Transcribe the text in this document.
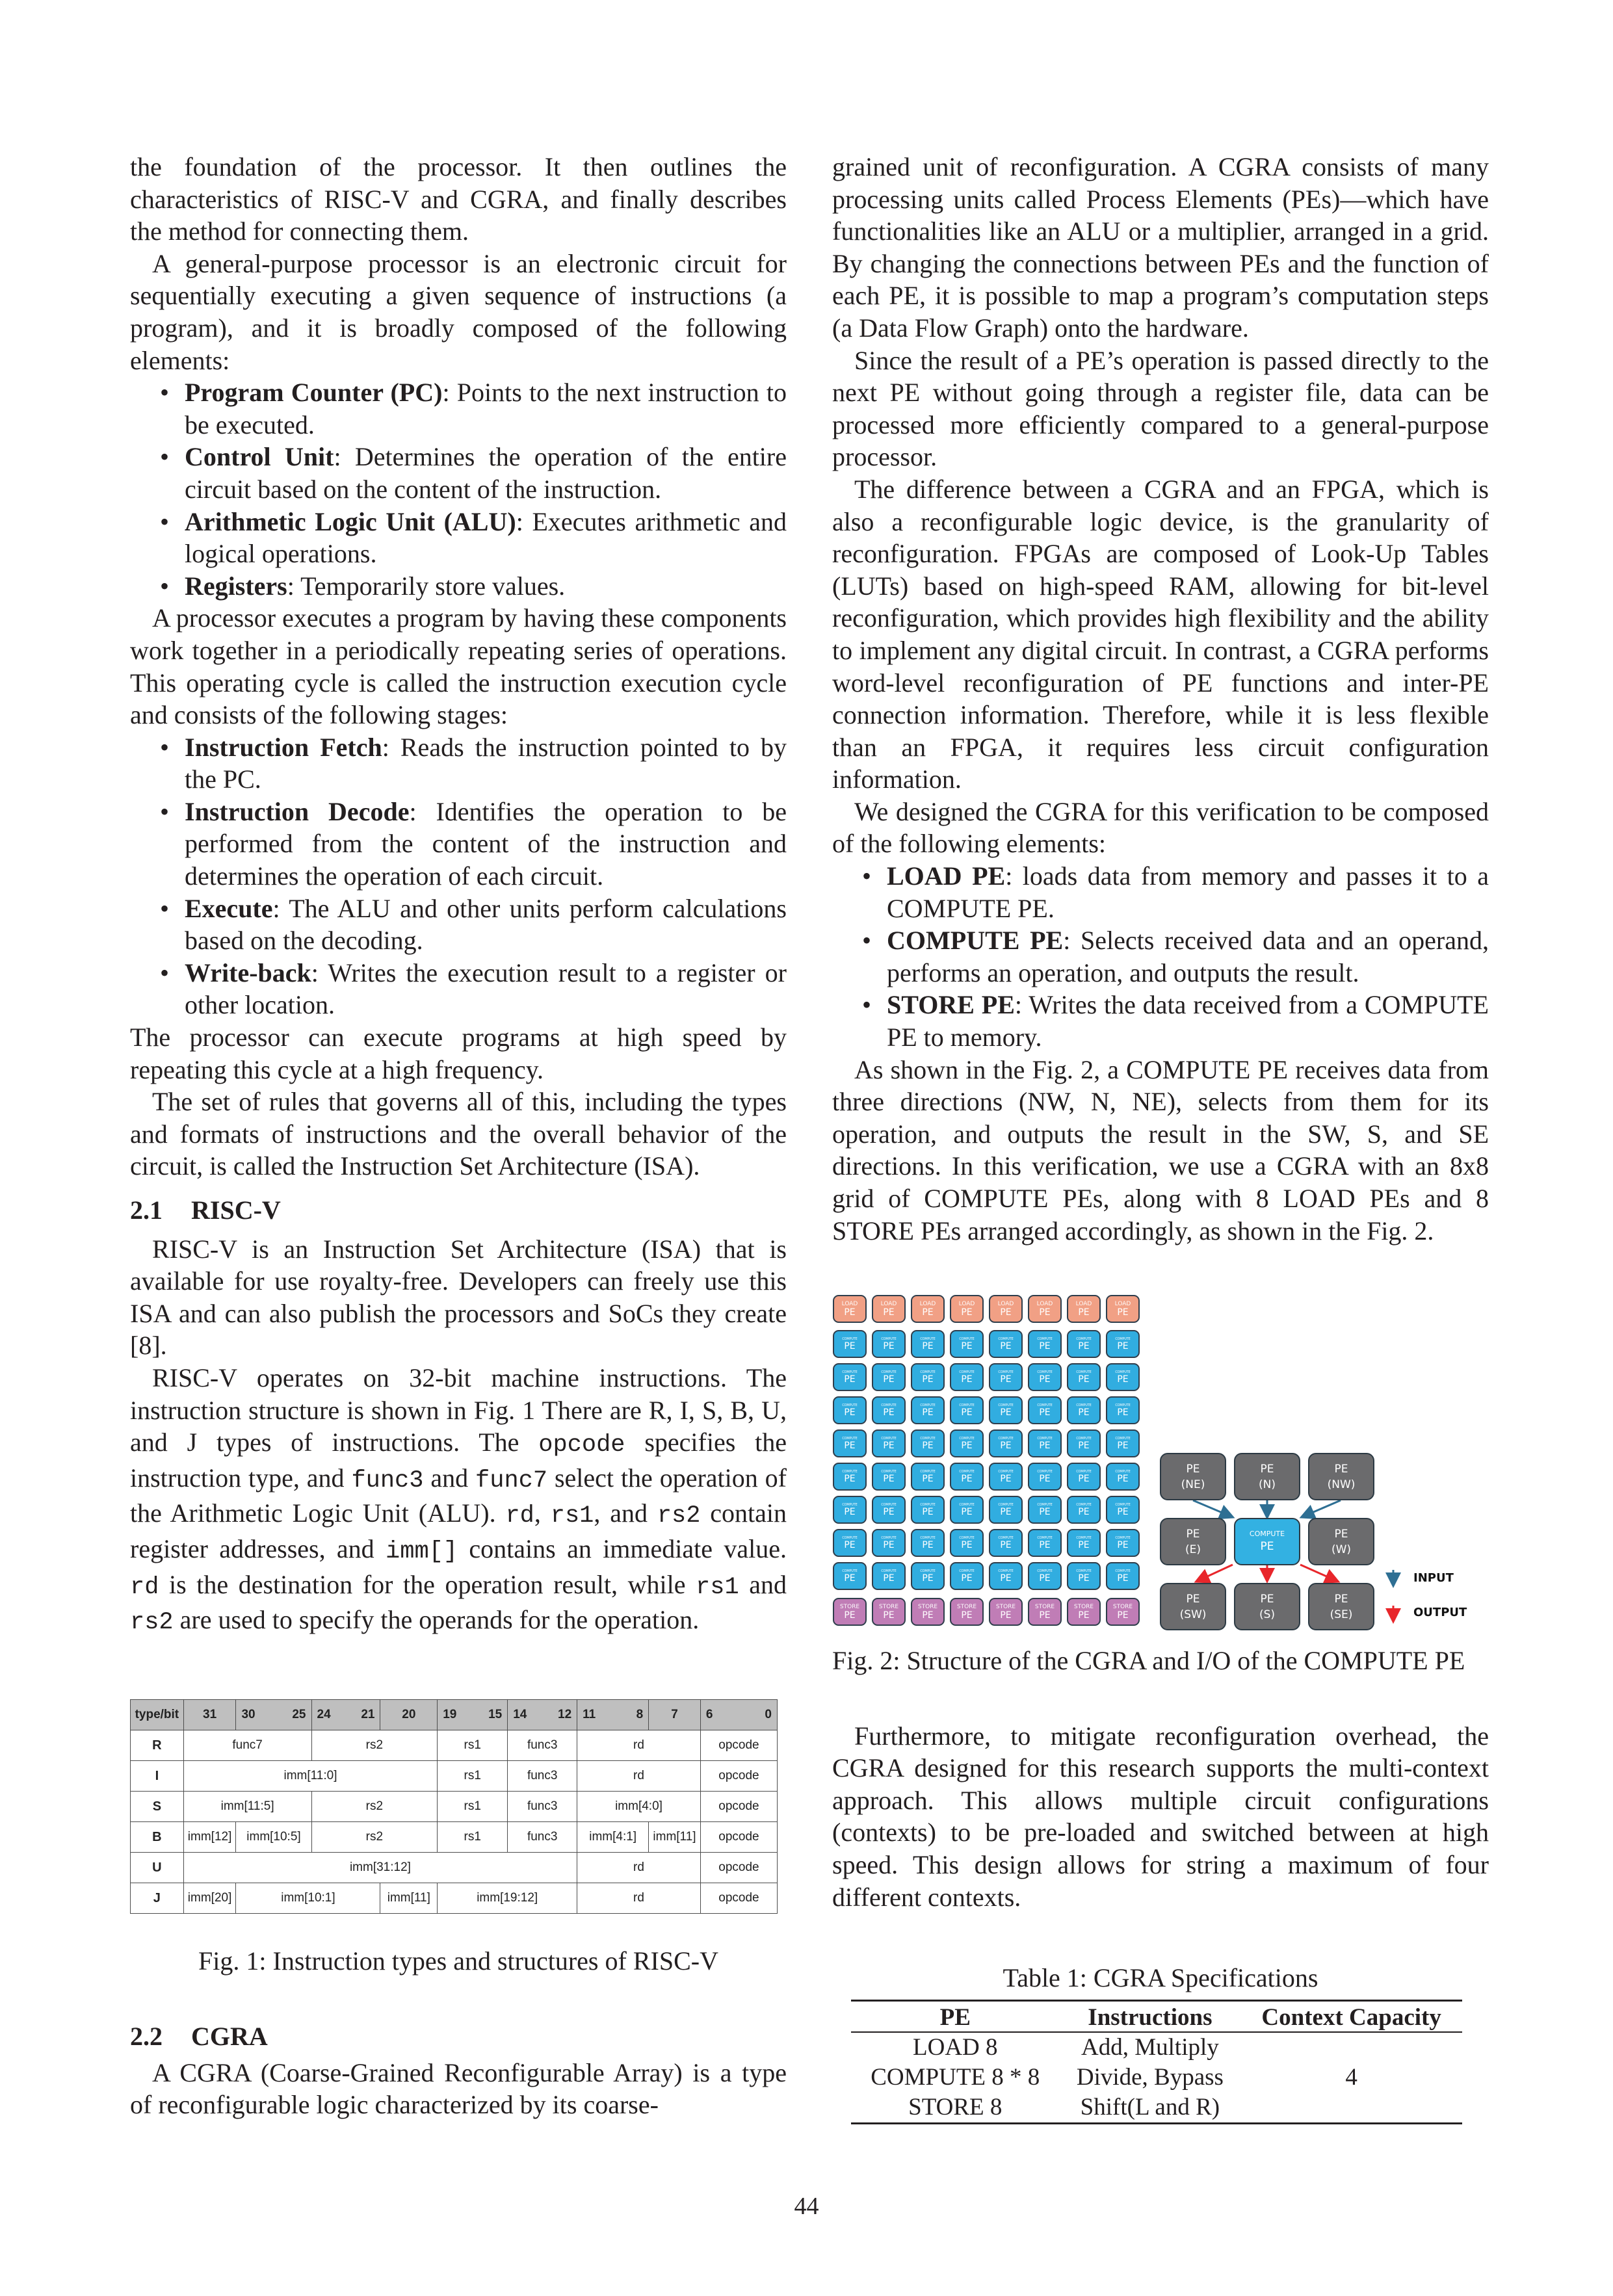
the foundation of the processor. It then outlines the characteristics of RISC-V and CGRA, and finally describes the method for connecting them.

A general-purpose processor is an electronic circuit for sequentially executing a given sequence of instructions (a program), and it is broadly composed of the following elements:

• Program Counter (PC): Points to the next instruction to be executed.
• Control Unit: Determines the operation of the entire circuit based on the content of the instruction.
• Arithmetic Logic Unit (ALU): Executes arithmetic and logical operations.
• Registers: Temporarily store values.

A processor executes a program by having these components work together in a periodically repeating series of operations. This operating cycle is called the instruction execution cycle and consists of the following stages:

• Instruction Fetch: Reads the instruction pointed to by the PC.
• Instruction Decode: Identifies the operation to be performed from the content of the instruction and determines the operation of each circuit.
• Execute: The ALU and other units perform calculations based on the decoding.
• Write-back: Writes the execution result to a register or other location.

The processor can execute programs at high speed by repeating this cycle at a high frequency.

The set of rules that governs all of this, including the types and formats of instructions and the overall behavior of the circuit, is called the Instruction Set Architecture (ISA).

2.1 RISC-V

RISC-V is an Instruction Set Architecture (ISA) that is available for use royalty-free. Developers can freely use this ISA and can also publish the processors and SoCs they create [8].

RISC-V operates on 32-bit machine instructions. The instruction structure is shown in Fig. 1 There are R, I, S, B, U, and J types of instructions. The opcode specifies the instruction type, and func3 and func7 select the operation of the Arithmetic Logic Unit (ALU). rd, rs1, and rs2 contain register addresses, and imm[] contains an immediate value. rd is the destination for the operation result, while rs1 and rs2 are used to specify the operands for the operation.

type/bit	31	30 25	24 21	20	19 15	14 12	11 8	7	6 0

R	func7		rs2		rs1	func3	rd		opcode
I	imm[11:0]				rs1	func3	rd		opcode
S	imm[11:5]		rs2		rs1	func3	imm[4:0]		opcode
B	imm[12]	imm[10:5]	rs2		rs1	func3	imm[4:1]	imm[11]	opcode
U	imm[31:12]						rd		opcode
J	imm[20]	imm[10:1]		imm[11]	imm[19:12]		rd		opcode
Fig. 1: Instruction types and structures of RISC-V
2.2 CGRA

A CGRA (Coarse-Grained Reconfigurable Array) is a type of reconfigurable logic characterized by its coarse-

grained unit of reconfiguration. A CGRA consists of many processing units called Process Elements (PEs)—which have functionalities like an ALU or a multiplier, arranged in a grid. By changing the connections between PEs and the function of each PE, it is possible to map a program’s computation steps (a Data Flow Graph) onto the hardware.

Since the result of a PE’s operation is passed directly to the next PE without going through a register file, data can be processed more efficiently compared to a general-purpose processor.

The difference between a CGRA and an FPGA, which is also a reconfigurable logic device, is the granularity of reconfiguration. FPGAs are composed of Look-Up Tables (LUTs) based on high-speed RAM, allowing for bit-level reconfiguration, which provides high flexibility and the ability to implement any digital circuit. In contrast, a CGRA performs word-level reconfiguration of PE functions and inter-PE connection information. Therefore, while it is less flexible than an FPGA, it requires less circuit configuration information.

We designed the CGRA for this verification to be composed of the following elements:

• LOAD PE: loads data from memory and passes it to a COMPUTE PE.
• COMPUTE PE: Selects received data and an operand, performs an operation, and outputs the result.
• STORE PE: Writes the data received from a COMPUTE PE to memory.

As shown in the Fig. 2, a COMPUTE PE receives data from three directions (NW, N, NE), selects from them for its operation, and outputs the result in the SW, S, and SE directions. In this verification, we use a CGRA with an 8x8 grid of COMPUTE PEs, along with 8 LOAD PEs and 8 STORE PEs arranged accordingly, as shown in the Fig. 2.

LOAD
PE
LOAD
PE
LOAD
PE
LOAD
PE
LOAD
PE
LOAD
PE
LOAD
PE
LOAD
PE
COMPUTE
PE
COMPUTE
PE
COMPUTE
PE
COMPUTE
PE
COMPUTE
PE
COMPUTE
PE
COMPUTE
PE
COMPUTE
PE
COMPUTE
PE
COMPUTE
PE
COMPUTE
PE
COMPUTE
PE
COMPUTE
PE
COMPUTE
PE
COMPUTE
PE
COMPUTE
PE
COMPUTE
PE
COMPUTE
PE
COMPUTE
PE
COMPUTE
PE
COMPUTE
PE
COMPUTE
PE
COMPUTE
PE
COMPUTE
PE
COMPUTE
PE
COMPUTE
PE
COMPUTE
PE
COMPUTE
PE
COMPUTE
PE
COMPUTE
PE
COMPUTE
PE
COMPUTE
PE
COMPUTE
PE
COMPUTE
PE
COMPUTE
PE
COMPUTE
PE
COMPUTE
PE
COMPUTE
PE
COMPUTE
PE
COMPUTE
PE
COMPUTE
PE
COMPUTE
PE
COMPUTE
PE
COMPUTE
PE
COMPUTE
PE
COMPUTE
PE
COMPUTE
PE
COMPUTE
PE
COMPUTE
PE
COMPUTE
PE
COMPUTE
PE
COMPUTE
PE
COMPUTE
PE
COMPUTE
PE
COMPUTE
PE
COMPUTE
PE
COMPUTE
PE
COMPUTE
PE
COMPUTE
PE
COMPUTE
PE
COMPUTE
PE
COMPUTE
PE
COMPUTE
PE
COMPUTE
PE
STORE
PE
STORE
PE
STORE
PE
STORE
PE
STORE
PE
STORE
PE
STORE
PE
STORE
PE
PE
(NE)
PE
(N)
PE
(NW)
PE
(E)
COMPUTE
PE
PE
(W)
PE
(SW)
PE
(S)
PE
(SE)
INPUT
OUTPUT

Fig. 2: Structure of the CGRA and I/O of the COMPUTE PE

Furthermore, to mitigate reconfiguration overhead, the CGRA designed for this research supports the multi-context approach. This allows multiple circuit configurations (contexts) to be pre-loaded and switched between at high speed. This design allows for string a maximum of four different contexts.

Table 1: CGRA Specifications
PE	Instructions	Context Capacity
LOAD 8	Add, Multiply	
COMPUTE 8 * 8	Divide, Bypass	4
STORE 8	Shift(L and R)	
44
